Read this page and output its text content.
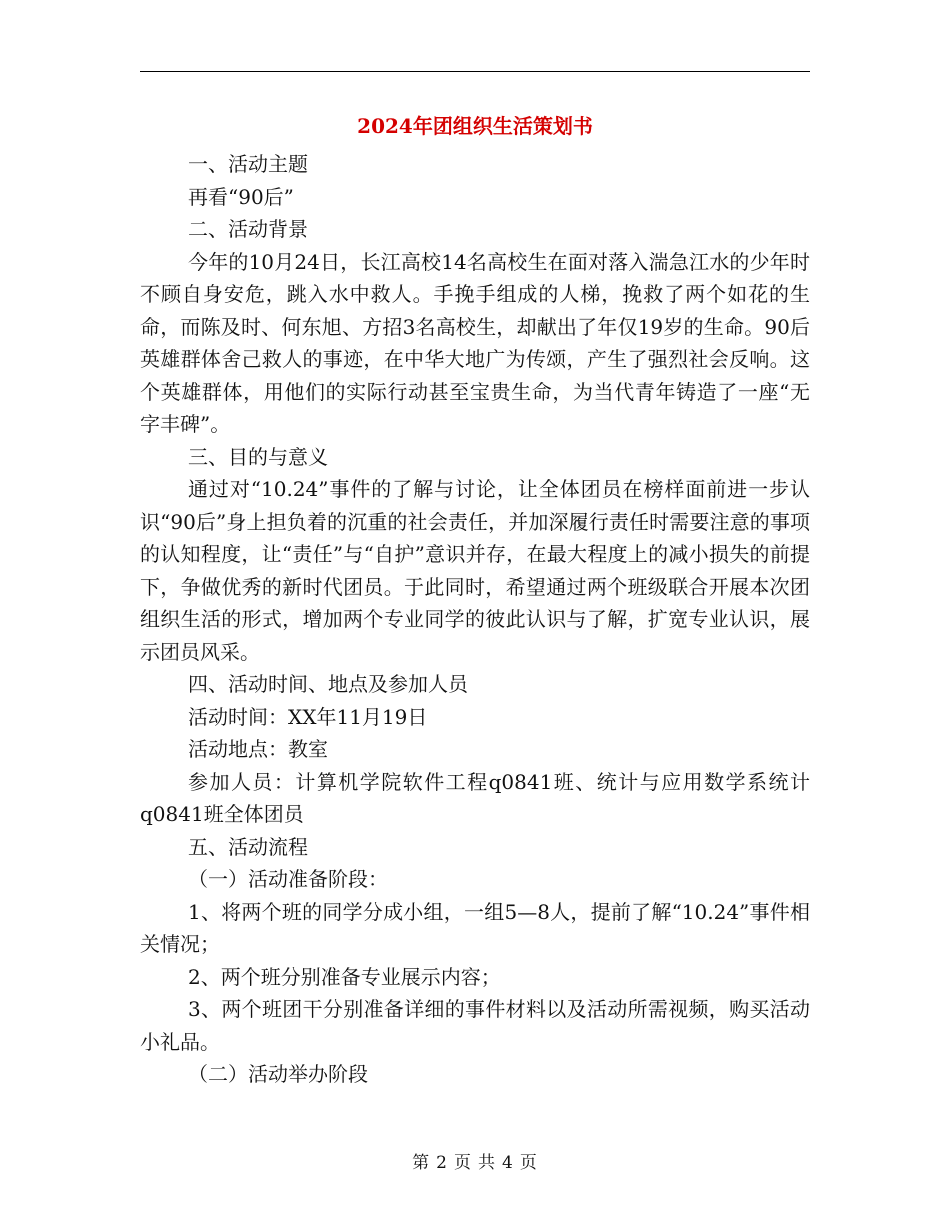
2024年团组织生活策划书

一、活动主题

再看“90后”

二、活动背景

今年的10月24日，长江高校14名高校生在面对落入湍急江水的少年时不顾自身安危，跳入水中救人。手挽手组成的人梯，挽救了两个如花的生命，而陈及时、何东旭、方招3名高校生，却献出了年仅19岁的生命。90后英雄群体舍己救人的事迹，在中华大地广为传颂，产生了强烈社会反响。这个英雄群体，用他们的实际行动甚至宝贵生命，为当代青年铸造了一座“无字丰碑”。

三、目的与意义

通过对“10.24”事件的了解与讨论，让全体团员在榜样面前进一步认识“90后”身上担负着的沉重的社会责任，并加深履行责任时需要注意的事项的认知程度，让“责任”与“自护”意识并存，在最大程度上的减小损失的前提下，争做优秀的新时代团员。于此同时，希望通过两个班级联合开展本次团组织生活的形式，增加两个专业同学的彼此认识与了解，扩宽专业认识，展示团员风采。

四、活动时间、地点及参加人员

活动时间：XX年11月19日

活动地点：教室

参加人员：计算机学院软件工程q0841班、统计与应用数学系统计q0841班全体团员

五、活动流程

（一）活动准备阶段：

1、将两个班的同学分成小组，一组5—8人，提前了解“10.24”事件相关情况；

2、两个班分别准备专业展示内容；

3、两个班团干分别准备详细的事件材料以及活动所需视频，购买活动小礼品。

（二）活动举办阶段

第 2 页 共 4 页
